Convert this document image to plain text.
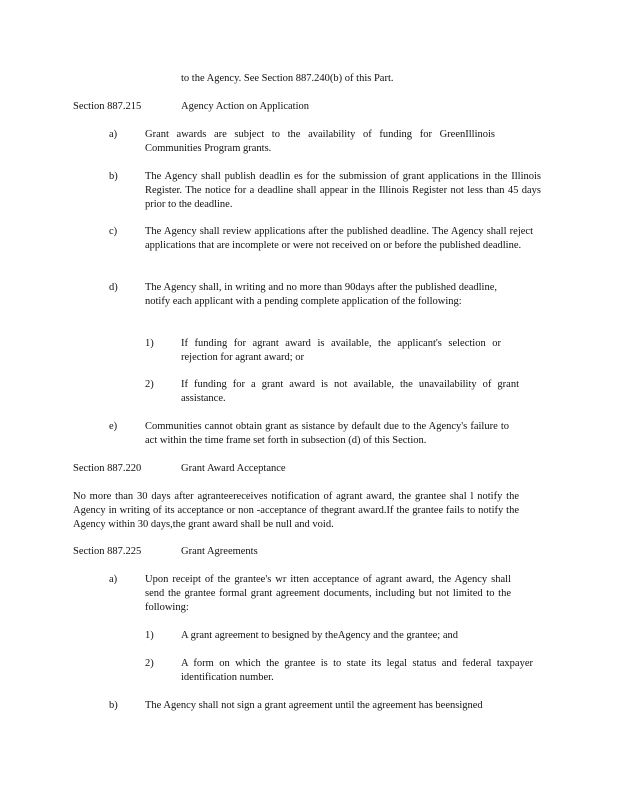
to the Agency. See Section 887.240(b) of this Part.
Section 887.215	Agency Action on Application
a)	Grant awards are subject to the availability of funding for GreenIllinois Communities Program grants.
b)	The Agency shall publish deadlin es for the submission of grant applications in the Illinois Register. The notice for a deadline shall appear in the Illinois Register not less than 45 days prior to the deadline.
c)	The Agency shall review applications after the published deadline. The Agency shall reject applications that are incomplete or were not received on or before the published deadline.
d)	The Agency shall, in writing and no more than 90days after the published deadline, notify each applicant with a pending complete application of the following:
1)	If funding for agrant award is available, the applicant's selection or rejection for agrant award; or
2)	If funding for a grant award is not available, the unavailability of grant assistance.
e)	Communities cannot obtain grant as sistance by default due to the Agency's failure to act within the time frame set forth in subsection (d) of this Section.
Section 887.220	Grant Award Acceptance
No more than 30 days after agranteereceives notification of agrant award, the grantee shal l notify the Agency in writing of its acceptance or non -acceptance of thegrant award.If the grantee fails to notify the Agency within 30 days,the grant award shall be null and void.
Section 887.225	Grant Agreements
a)	Upon receipt of the grantee's wr itten acceptance of agrant award, the Agency shall send the grantee formal grant agreement documents, including but not limited to the following:
1)	A grant agreement to besigned by theAgency and the grantee; and
2)	A form on which the grantee is to state its legal status and federal taxpayer identification number.
b)	The Agency shall not sign a grant agreement until the agreement has beensigned
